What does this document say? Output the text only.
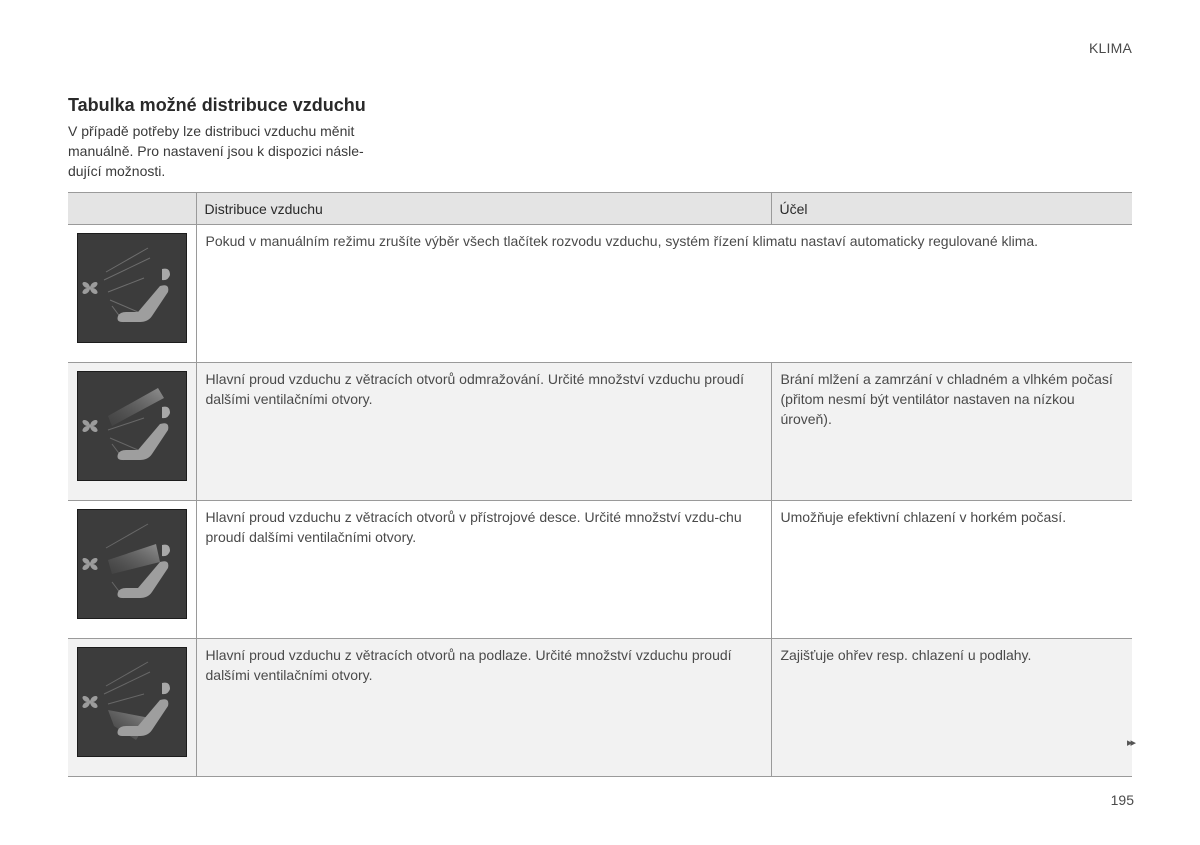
KLIMA
Tabulka možné distribuce vzduchu

V případě potřeby lze distribuci vzduchu měnit
manuálně. Pro nastavení jsou k dispozici násle-
dující možnosti.

	Distribuce vzduchu	Účel

	Pokud v manuálním režimu zrušíte výběr všech tlačítek rozvodu vzduchu, systém řízení klimatu nastaví automaticky regulované klima.	

	Hlavní proud vzduchu z větracích otvorů odmražování. Určité množství vzduchu proudí dalšími ventilačními otvory.	Brání mlžení a zamrzání v chladném a vlhkém počasí (přitom nesmí být ventilátor nastaven na nízkou úroveň).

	Hlavní proud vzduchu z větracích otvorů v přístrojové desce. Určité množství vzdu-chu proudí dalšími ventilačními otvory.	Umožňuje efektivní chlazení v horkém počasí.

	Hlavní proud vzduchu z větracích otvorů na podlaze. Určité množství vzduchu proudí dalšími ventilačními otvory.	Zajišťuje ohřev resp. chlazení u podlahy.
▸▸
195
